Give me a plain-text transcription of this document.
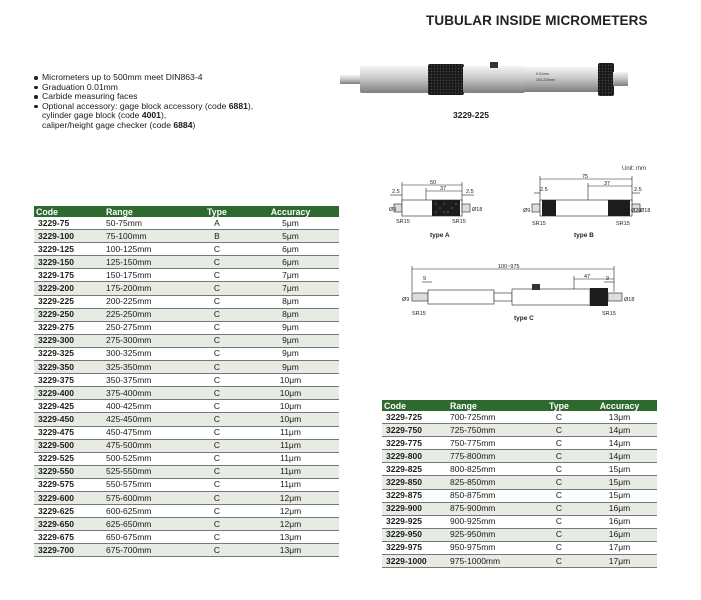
TUBULAR INSIDE MICROMETERS
Micrometers up to 500mm meet DIN863-4
Graduation 0.01mm
Carbide measuring faces
Optional accessory: gage block accessory (code 6881),
cylinder gage block (code 4001),
caliper/height gage checker (code 6884)
0.01mm
200-225mm
3229-225
Unit: mm
50
37
2.5	2.5
Ø9	Ø18
SR15	SR15
type A
75
37
2.5	2.5
Ø9	Ø20
Ø18
SR15	SR15
type B
100~975
47
9	9
Ø9	Ø18
SR15	SR15
type C
Code	Range	Type	Accuracy
3229-75	50-75mm	A	5μm
3229-100	75-100mm	B	5μm
3229-125	100-125mm	C	6μm
3229-150	125-150mm	C	6μm
3229-175	150-175mm	C	7μm
3229-200	175-200mm	C	7μm
3229-225	200-225mm	C	8μm
3229-250	225-250mm	C	8μm
3229-275	250-275mm	C	9μm
3229-300	275-300mm	C	9μm
3229-325	300-325mm	C	9μm
3229-350	325-350mm	C	9μm
3229-375	350-375mm	C	10μm
3229-400	375-400mm	C	10μm
3229-425	400-425mm	C	10μm
3229-450	425-450mm	C	10μm
3229-475	450-475mm	C	11μm
3229-500	475-500mm	C	11μm
3229-525	500-525mm	C	11μm
3229-550	525-550mm	C	11μm
3229-575	550-575mm	C	11μm
3229-600	575-600mm	C	12μm
3229-625	600-625mm	C	12μm
3229-650	625-650mm	C	12μm
3229-675	650-675mm	C	13μm
3229-700	675-700mm	C	13μm
Code	Range	Type	Accuracy
3229-725	700-725mm	C	13μm
3229-750	725-750mm	C	14μm
3229-775	750-775mm	C	14μm
3229-800	775-800mm	C	14μm
3229-825	800-825mm	C	15μm
3229-850	825-850mm	C	15μm
3229-875	850-875mm	C	15μm
3229-900	875-900mm	C	16μm
3229-925	900-925mm	C	16μm
3229-950	925-950mm	C	16μm
3229-975	950-975mm	C	17μm
3229-1000	975-1000mm	C	17μm
